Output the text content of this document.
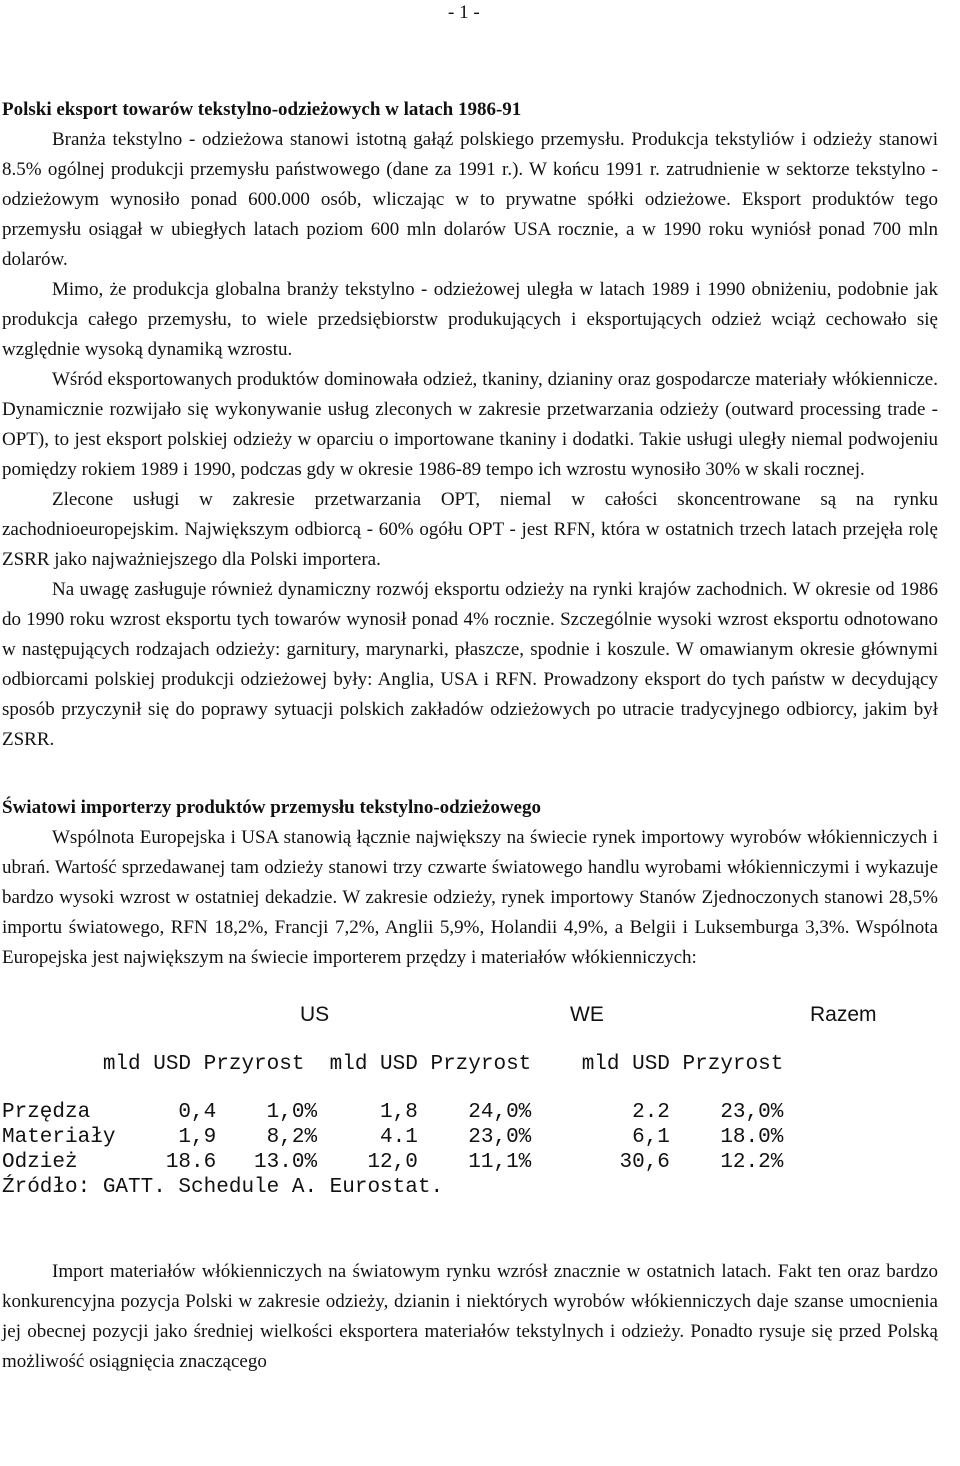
- 1 -
Polski eksport towarów tekstylno-odzieżowych w latach 1986-91

Branża tekstylno - odzieżowa stanowi istotną gałąź polskiego przemysłu. Produkcja tekstyliów i odzieży stanowi 8.5% ogólnej produkcji przemysłu państwowego (dane za 1991 r.). W końcu 1991 r. zatrudnienie w sektorze tekstylno - odzieżowym wynosiło ponad 600.000 osób, wliczając w to prywatne spółki odzieżowe. Eksport produktów tego przemysłu osiągał w ubiegłych latach poziom 600 mln dolarów USA rocznie, a w 1990 roku wyniósł ponad 700 mln dolarów.

Mimo, że produkcja globalna branży tekstylno - odzieżowej uległa w latach 1989 i 1990 obniżeniu, podobnie jak produkcja całego przemysłu, to wiele przedsiębiorstw produkujących i eksportujących odzież wciąż cechowało się względnie wysoką dynamiką wzrostu.

Wśród eksportowanych produktów dominowała odzież, tkaniny, dzianiny oraz gospodarcze materiały włókiennicze. Dynamicznie rozwijało się wykonywanie usług zleconych w zakresie przetwarzania odzieży (outward processing trade - OPT), to jest eksport polskiej odzieży w oparciu o importowane tkaniny i dodatki. Takie usługi uległy niemal podwojeniu pomiędzy rokiem 1989 i 1990, podczas gdy w okresie 1986-89 tempo ich wzrostu wynosiło 30% w skali rocznej.

Zlecone usługi w zakresie przetwarzania OPT, niemal w całości skoncentrowane są na rynku zachodnioeuropejskim. Największym odbiorcą - 60% ogółu OPT - jest RFN, która w ostatnich trzech latach przejęła rolę ZSRR jako najważniejszego dla Polski importera.

Na uwagę zasługuje również dynamiczny rozwój eksportu odzieży na rynki krajów zachodnich. W okresie od 1986 do 1990 roku wzrost eksportu tych towarów wynosił ponad 4% rocznie. Szczególnie wysoki wzrost eksportu odnotowano w następujących rodzajach odzieży: garnitury, marynarki, płaszcze, spodnie i koszule. W omawianym okresie głównymi odbiorcami polskiej produkcji odzieżowej były: Anglia, USA i RFN. Prowadzony eksport do tych państw w decydujący sposób przyczynił się do poprawy sytuacji polskich zakładów odzieżowych po utracie tradycyjnego odbiorcy, jakim był ZSRR.

Światowi importerzy produktów przemysłu tekstylno-odzieżowego

Wspólnota Europejska i USA stanowią łącznie największy na świecie rynek importowy wyrobów włókienniczych i ubrań. Wartość sprzedawanej tam odzieży stanowi trzy czwarte światowego handlu wyrobami włókienniczymi i wykazuje bardzo wysoki wzrost w ostatniej dekadzie. W zakresie odzieży, rynek importowy Stanów Zjednoczonych stanowi 28,5% importu światowego, RFN 18,2%, Francji 7,2%, Anglii 5,9%, Holandii 4,9%, a Belgii i Luksemburga 3,3%. Wspólnota Europejska jest największym na świecie importerem przędzy i materiałów włókienniczych:

US	WE	Razem
mld USD Przyrost  mld USD Przyrost    mld USD Przyrost
Przędza       0,4    1,0%     1,8    24,0%        2.2    23,0%
Materiały     1,9    8,2%     4.1    23,0%        6,1    18.0%
Odzież       18.6   13.0%    12,0    11,1%       30,6    12.2%
Źródło: GATT. Schedule A. Eurostat.

Import materiałów włókienniczych na światowym rynku wzrósł znacznie w ostatnich latach. Fakt ten oraz bardzo konkurencyjna pozycja Polski w zakresie odzieży, dzianin i niektórych wyrobów włókienniczych daje szanse umocnienia jej obecnej pozycji jako średniej wielkości eksportera materiałów tekstylnych i odzieży. Ponadto rysuje się przed Polską możliwość osiągnięcia znaczącego
